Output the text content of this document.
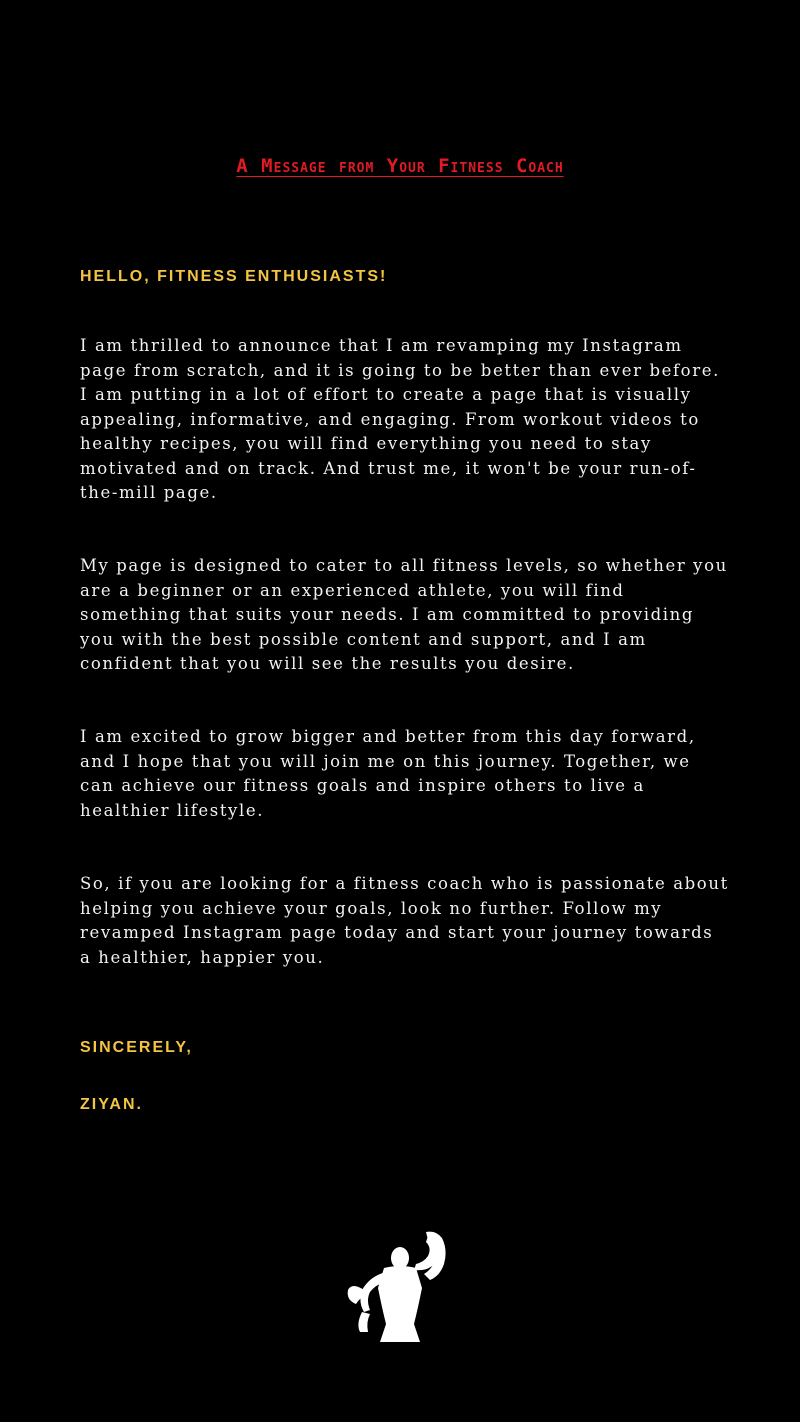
A Message from Your Fitness Coach

HELLO, FITNESS ENTHUSIASTS!

I am thrilled to announce that I am revamping my Instagram page from scratch, and it is going to be better than ever before. I am putting in a lot of effort to create a page that is visually appealing, informative, and engaging. From workout videos to healthy recipes, you will find everything you need to stay motivated and on track. And trust me, it won't be your run-of-the-mill page.

My page is designed to cater to all fitness levels, so whether you are a beginner or an experienced athlete, you will find something that suits your needs. I am committed to providing you with the best possible content and support, and I am confident that you will see the results you desire.

I am excited to grow bigger and better from this day forward, and I hope that you will join me on this journey. Together, we can achieve our fitness goals and inspire others to live a healthier lifestyle.

So, if you are looking for a fitness coach who is passionate about helping you achieve your goals, look no further. Follow my revamped Instagram page today and start your journey towards a healthier, happier you.

SINCERELY,

ZIYAN.
